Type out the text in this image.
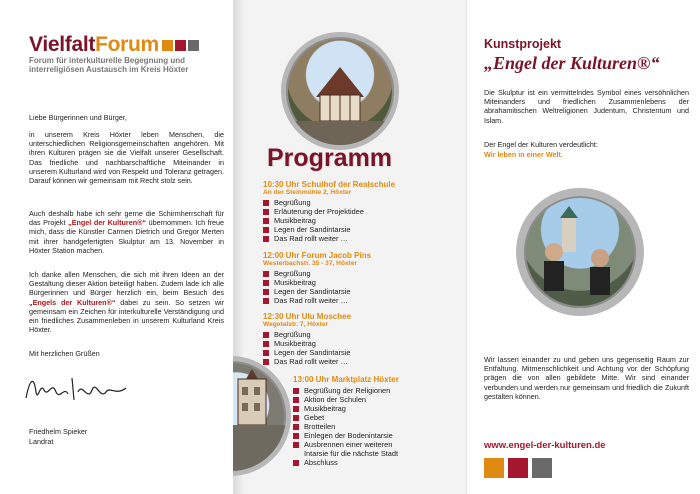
VielfaltForum
Forum für interkulturelle Begegnung und interreligiösen Austausch im Kreis Höxter
Liebe Bürgerinnen und Bürger,
in unserem Kreis Höxter leben Menschen, die unterschiedlichen Religionsgemeinschaften angehören. Mit ihren Kulturen prägen sie die Vielfalt unserer Gesellschaft. Das friedliche und nachbarschaftliche Miteinander in unserem Kulturland wird von Respekt und Toleranz getragen. Darauf können wir gemeinsam mit Recht stolz sein.
Auch deshalb habe ich sehr gerne die Schirmherrschaft für das Projekt „Engel der Kulturen®“ übernommen. Ich freue mich, dass die Künstler Carmen Dietrich und Gregor Merten mit ihrer handgefertigten Skulptur am 13. November in Höxter Station machen.
Ich danke allen Menschen, die sich mit ihren Ideen an der Gestaltung dieser Aktion beteiligt haben. Zudem lade ich alle Bürgerinnen und Bürger herzlich ein, beim Besuch des „Engels der Kulturen®“ dabei zu sein. So setzen wir gemeinsam ein Zeichen für interkulturelle Verständigung und ein friedliches Zusammenleben in unserem Kulturland Kreis Höxter.
Mit herzlichen Grüßen
Friedhelm Spieker
Landrat
Programm
10:30 Uhr Schulhof der Realschule
An der Steinmühle 2, Höxter
Begrüßung
Erläuterung der Projektidee
Musikbeitrag
Legen der Sandintarsie
Das Rad rollt weiter …
12:00 Uhr Forum Jacob Pins
Westerbachstr. 35 - 37, Höxter
Begrüßung
Musikbeitrag
Legen der Sandintarsie
Das Rad rollt weiter …
12:30 Uhr Ulu Moschee
Wegetalstr. 7, Höxter
Begrüßung
Musikbeitrag
Legen der Sandintarsie
Das Rad rollt weiter …
13:00 Uhr Marktplatz Höxter
Begrüßung der Religionen
Aktion der Schulen
Musikbeitrag
Gebet
Brotteilen
Einlegen der Bodenintarsie
Ausbrennen einer weiteren Intarsie für die nächste Stadt
Abschluss
Kunstprojekt
„Engel der Kulturen®“
Die Skulptur ist ein vermittelndes Symbol eines versöhnlichen Miteinanders und friedlichen Zusammenlebens der abrahamitischen Weltreligionen Judentum, Christentum und Islam.
Der Engel der Kulturen verdeutlicht:
Wir leben in einer Welt.
Wir lassen einander zu und geben uns gegenseitig Raum zur Entfaltung. Mitmenschlichkeit und Achtung vor der Schöpfung prägen die von allen gebildete Mitte. Wir sind einander verbunden und werden nur gemeinsam und friedlich die Zukunft gestalten können.
www.engel-der-kulturen.de
